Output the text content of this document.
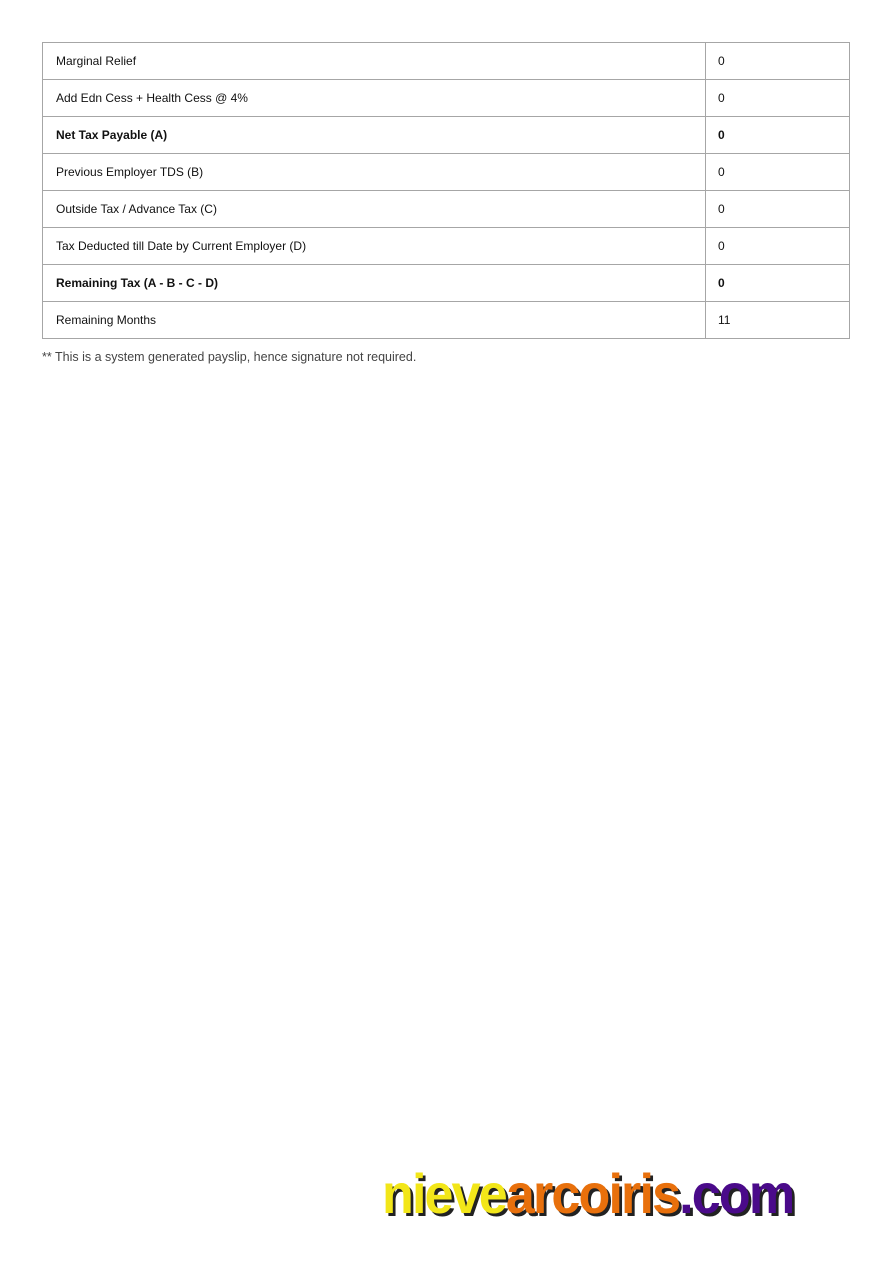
Marginal Relief	0
Add Edn Cess + Health Cess @ 4%	0
Net Tax Payable (A)	0
Previous Employer TDS (B)	0
Outside Tax / Advance Tax (C)	0
Tax Deducted till Date by Current Employer (D)	0
Remaining Tax (A - B - C - D)	0
Remaining Months	11
** This is a system generated payslip, hence signature not required.
nievearcoiris.com
